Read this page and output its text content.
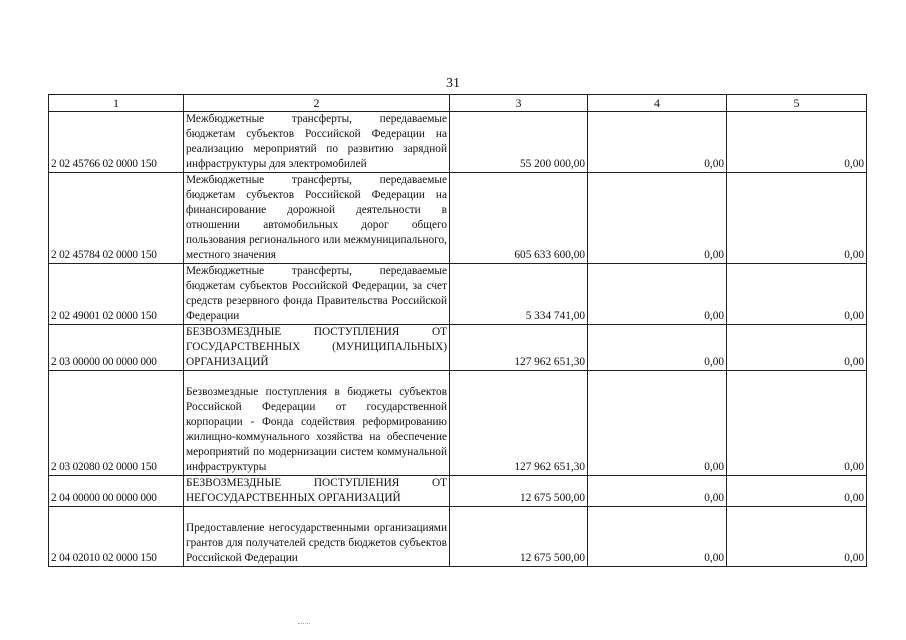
31
1	2	3	4	5
2 02 45766 02 0000 150	Межбюджетные трансферты, передаваемые бюджетам субъектов Российской Федерации на реализацию мероприятий по развитию зарядной инфраструктуры для электромобилей	55 200 000,00	0,00	0,00
2 02 45784 02 0000 150	Межбюджетные трансферты, передаваемые бюджетам субъектов Российской Федерации на финансирование дорожной деятельности в отношении автомобильных дорог общего пользования регионального или межмуниципального, местного значения	605 633 600,00	0,00	0,00
2 02 49001 02 0000 150	Межбюджетные трансферты, передаваемые бюджетам субъектов Российской Федерации, за счет средств резервного фонда Правительства Российской Федерации	5 334 741,00	0,00	0,00
2 03 00000 00 0000 000	БЕЗВОЗМЕЗДНЫЕ ПОСТУПЛЕНИЯ ОТ ГОСУДАРСТВЕННЫХ (МУНИЦИПАЛЬНЫХ) ОРГАНИЗАЦИЙ	127 962 651,30	0,00	0,00
2 03 02080 02 0000 150	Безвозмездные поступления в бюджеты субъектов Российской Федерации от государственной корпорации - Фонда содействия реформированию жилищно-коммунального хозяйства на обеспечение мероприятий по модернизации систем коммунальной инфраструктуры	127 962 651,30	0,00	0,00
2 04 00000 00 0000 000	БЕЗВОЗМЕЗДНЫЕ ПОСТУПЛЕНИЯ ОТ НЕГОСУДАРСТВЕННЫХ ОРГАНИЗАЦИЙ	12 675 500,00	0,00	0,00
2 04 02010 02 0000 150	Предоставление негосударственными организациями грантов для получателей средств бюджетов субъектов Российской Федерации	12 675 500,00	0,00	0,00
